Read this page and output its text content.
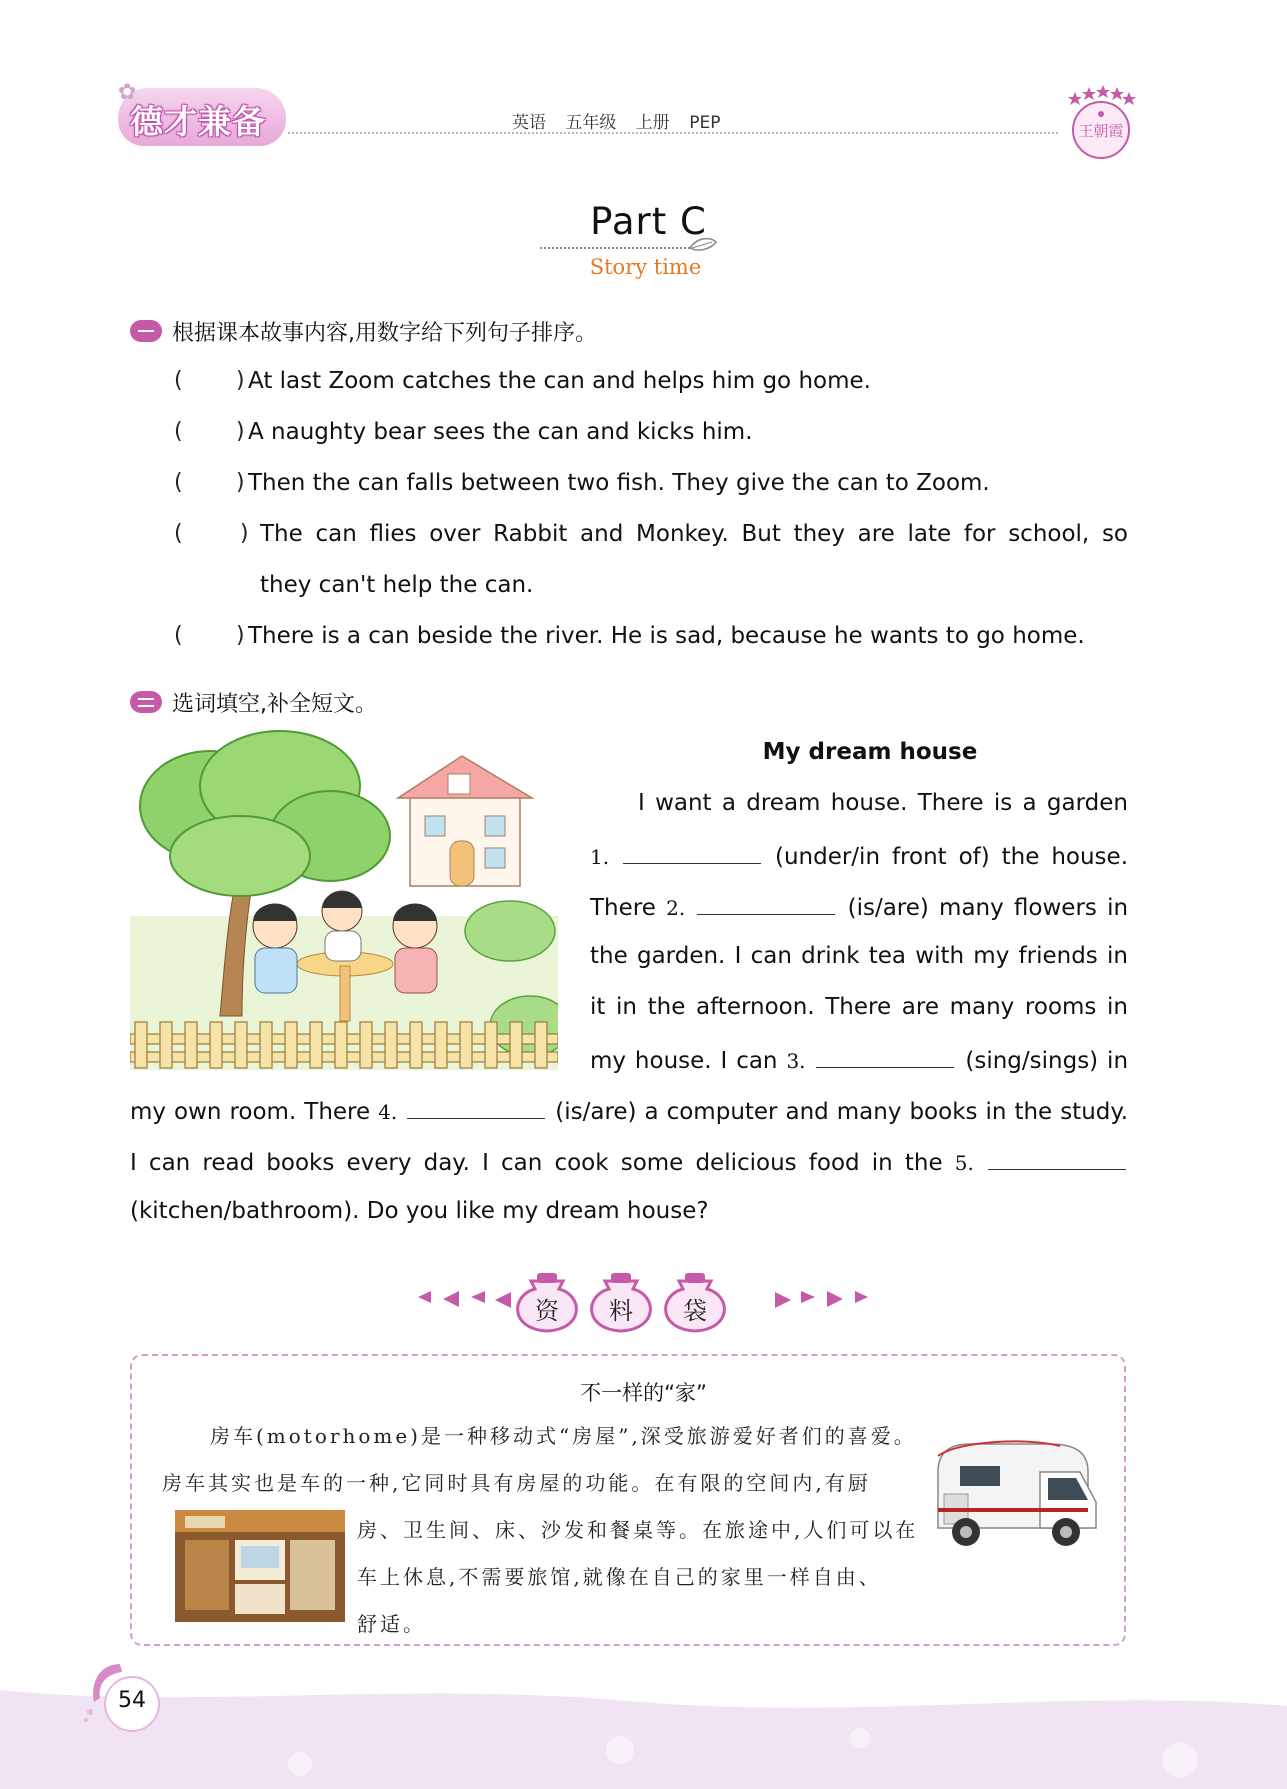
✿
德才兼备	英语 五年级 上册 PEP	王朝霞
Part C
Story time
根据课本故事内容,用数字给下列句子排序。
( ) At last Zoom catches the can and helps him go home.
( ) A naughty bear sees the can and kicks him.
( ) Then the can falls between two fish. They give the can to Zoom.
(	) The can flies over Rabbit and Monkey. But they are late for school, so
they can't help the can.
( ) There is a can beside the river. He is sad, because he wants to go home.
选词填空,补全短文。
My dream house
I want a dream house. There is a garden
1.	(under/in front of) the house.
There 2.	(is/are) many flowers in
the garden. I can drink tea with my friends in
it in the afternoon. There are many rooms in
my house. I can 3.	(sing/sings) in
my own room. There 4.	(is/are) a computer and many books in the study.
I can read books every day. I can cook some delicious food in the 5.
(kitchen/bathroom). Do you like my dream house?
资 料 袋
不一样的“家”
房车(motorhome)是一种移动式“房屋”,深受旅游爱好者们的喜爱。
房车其实也是车的一种,它同时具有房屋的功能。在有限的空间内,有厨
房、卫生间、床、沙发和餐桌等。在旅途中,人们可以在
车上休息,不需要旅馆,就像在自己的家里一样自由、
舒适。
54
